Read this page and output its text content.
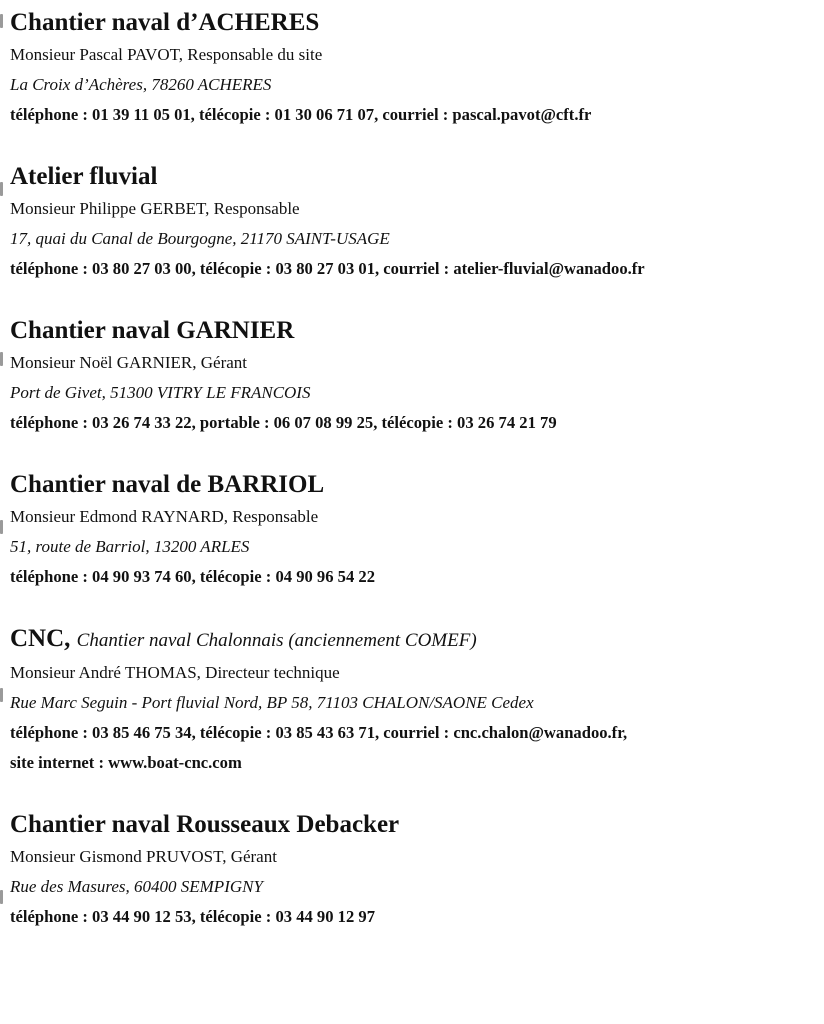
Chantier naval d’ACHERES
Monsieur Pascal PAVOT, Responsable du site
La Croix d’Achères, 78260 ACHERES
téléphone : 01 39 11 05 01, télécopie : 01 30 06 71 07, courriel : pascal.pavot@cft.fr
Atelier fluvial
Monsieur Philippe GERBET, Responsable
17, quai du Canal de Bourgogne, 21170 SAINT-USAGE
téléphone : 03 80 27 03 00, télécopie : 03 80 27 03 01, courriel : atelier-fluvial@wanadoo.fr
Chantier naval GARNIER
Monsieur Noël GARNIER, Gérant
Port de Givet, 51300 VITRY LE FRANCOIS
téléphone : 03 26 74 33 22, portable : 06 07 08 99 25, télécopie : 03 26 74 21 79
Chantier naval de BARRIOL
Monsieur Edmond RAYNARD, Responsable
51, route de Barriol, 13200 ARLES
téléphone : 04 90 93 74 60, télécopie : 04 90 96 54 22
CNC, Chantier naval Chalonnais (anciennement COMEF)
Monsieur André THOMAS, Directeur technique
Rue Marc Seguin - Port fluvial Nord, BP 58, 71103 CHALON/SAONE Cedex
téléphone : 03 85 46 75 34, télécopie : 03 85 43 63 71, courriel : cnc.chalon@wanadoo.fr,
site internet : www.boat-cnc.com
Chantier naval Rousseaux Debacker
Monsieur Gismond PRUVOST, Gérant
Rue des Masures, 60400 SEMPIGNY
téléphone : 03 44 90 12 53, télécopie : 03 44 90 12 97
